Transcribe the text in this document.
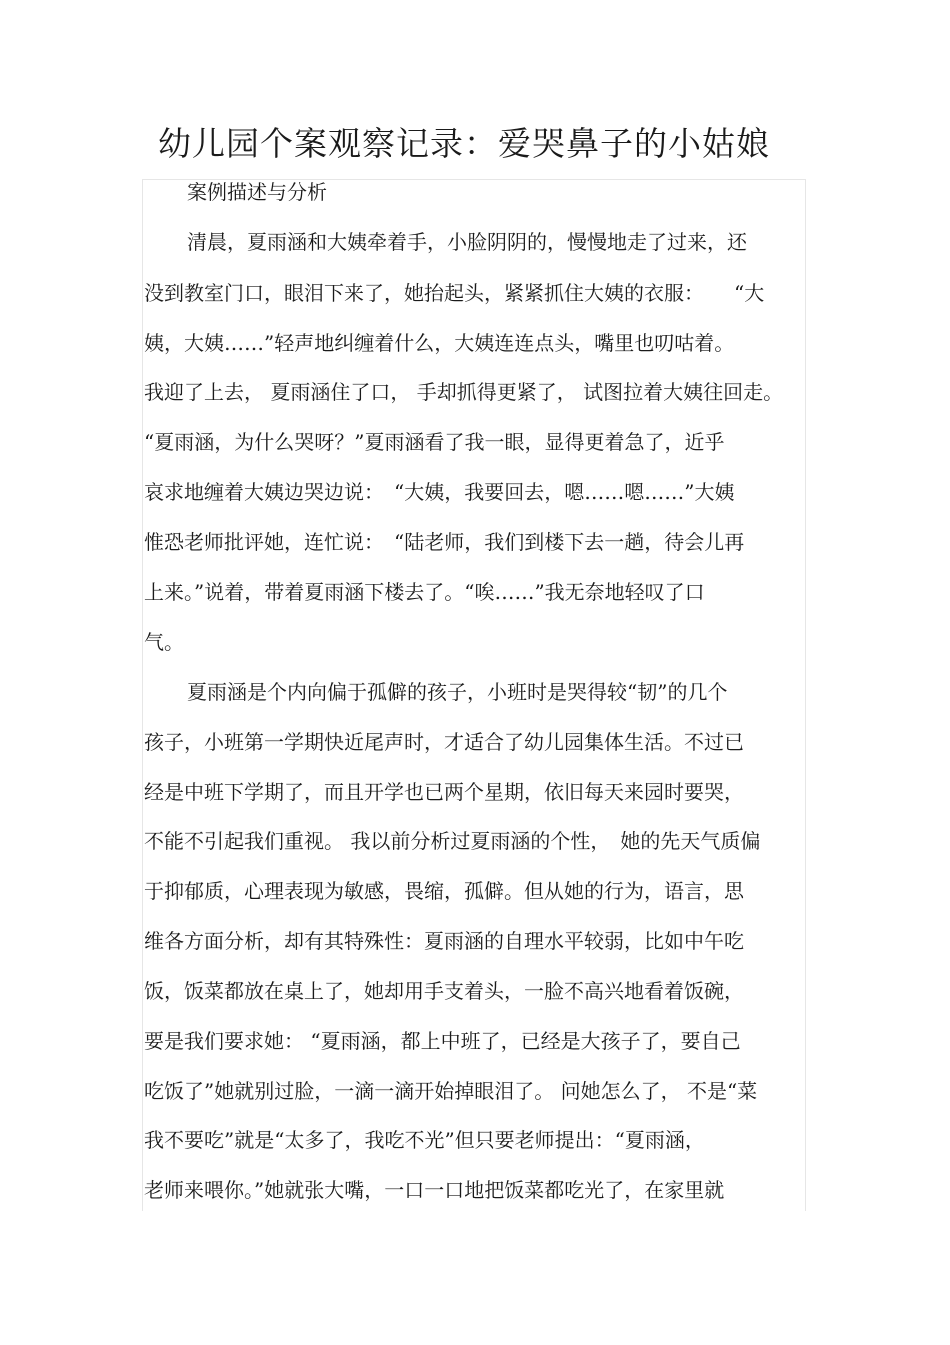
幼儿园个案观察记录：爱哭鼻子的小姑娘

案例描述与分析

清晨，夏雨涵和大姨牵着手，小脸阴阴的，慢慢地走了过来，还

没到教室门口，眼泪下来了，她抬起头，紧紧抓住大姨的衣服：　　“大

姨，大姨……”轻声地纠缠着什么，大姨连连点头，嘴里也叨咕着。

我迎了上去， 夏雨涵住了口， 手却抓得更紧了， 试图拉着大姨往回走。

“夏雨涵，为什么哭呀？”夏雨涵看了我一眼，显得更着急了，近乎

哀求地缠着大姨边哭边说：　“大姨，我要回去，嗯……嗯……”大姨

惟恐老师批评她，连忙说：　“陆老师，我们到楼下去一趟，待会儿再

上来。”说着，带着夏雨涵下楼去了。“唉……”我无奈地轻叹了口

气。

夏雨涵是个内向偏于孤僻的孩子，小班时是哭得较“韧”的几个

孩子，小班第一学期快近尾声时，才适合了幼儿园集体生活。不过已

经是中班下学期了，而且开学也已两个星期，依旧每天来园时要哭，

不能不引起我们重视。 我以前分析过夏雨涵的个性，　她的先天气质偏

于抑郁质，心理表现为敏感，畏缩，孤僻。但从她的行为，语言，思

维各方面分析，却有其特殊性：夏雨涵的自理水平较弱，比如中午吃

饭，饭菜都放在桌上了，她却用手支着头，一脸不高兴地看着饭碗，

要是我们要求她： “夏雨涵，都上中班了，已经是大孩子了，要自己

吃饭了”她就别过脸，一滴一滴开始掉眼泪了。 问她怎么了， 不是“菜

我不要吃”就是“太多了，我吃不光”但只要老师提出：“夏雨涵，

老师来喂你。”她就张大嘴，一口一口地把饭菜都吃光了，在家里就
